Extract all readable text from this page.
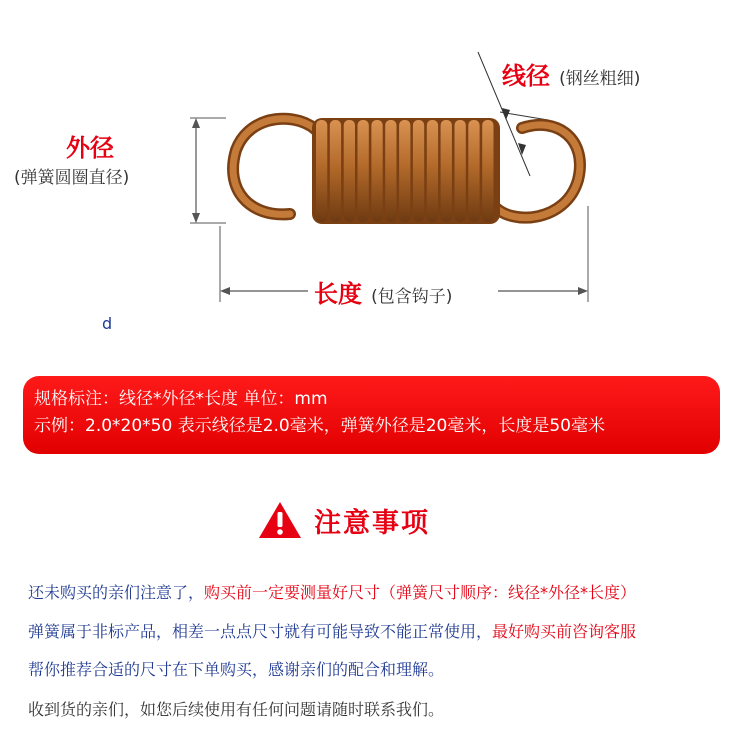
线径 (钢丝粗细)
外径
(弹簧圆圈直径)
长度 (包含钩子)
d
规格标注：线径*外径*长度 单位：mm
示例：2.0*20*50 表示线径是2.0毫米，弹簧外径是20毫米，长度是50毫米
注意事项
还未购买的亲们注意了，购买前一定要测量好尺寸（弹簧尺寸顺序：线径*外径*长度）
弹簧属于非标产品，相差一点点尺寸就有可能导致不能正常使用，最好购买前咨询客服
帮你推荐合适的尺寸在下单购买，感谢亲们的配合和理解。
收到货的亲们，如您后续使用有任何问题请随时联系我们。
